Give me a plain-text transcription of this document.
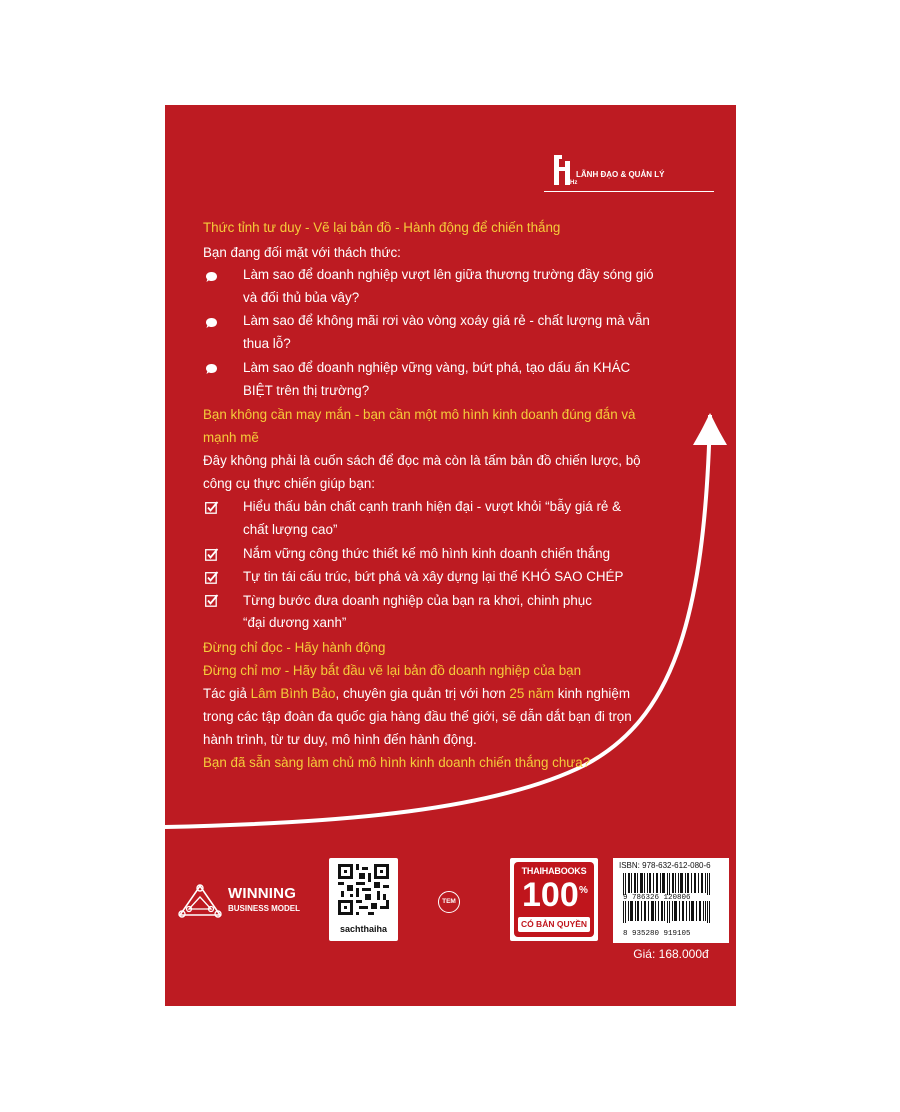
Hz
LÃNH ĐẠO & QUẢN LÝ
Thức tỉnh tư duy - Vẽ lại bản đồ - Hành động để chiến thắng
Bạn đang đối mặt với thách thức:
Làm sao để doanh nghiệp vượt lên giữa thương trường đầy sóng gió
và đối thủ bủa vây?
Làm sao để không mãi rơi vào vòng xoáy giá rẻ - chất lượng mà vẫn
thua lỗ?
Làm sao để doanh nghiệp vững vàng, bứt phá, tạo dấu ấn KHÁC
BIỆT trên thị trường?
Bạn không cần may mắn - bạn cần một mô hình kinh doanh đúng đắn và
mạnh mẽ
Đây không phải là cuốn sách để đọc mà còn là tấm bản đồ chiến lược, bộ
công cụ thực chiến giúp bạn:
Hiểu thấu bản chất cạnh tranh hiện đại - vượt khỏi “bẫy giá rẻ &
chất lượng cao”
Nắm vững công thức thiết kế mô hình kinh doanh chiến thắng
Tự tin tái cấu trúc, bứt phá và xây dựng lại thế KHÓ SAO CHÉP
Từng bước đưa doanh nghiệp của bạn ra khơi, chinh phục
“đại dương xanh”
Đừng chỉ đọc - Hãy hành động
Đừng chỉ mơ - Hãy bắt đầu vẽ lại bản đồ doanh nghiệp của bạn
Tác giả Lâm Bình Bảo, chuyên gia quản trị với hơn 25 năm kinh nghiệm
trong các tập đoàn đa quốc gia hàng đầu thế giới, sẽ dẫn dắt bạn đi trọn
hành trình, từ tư duy, mô hình đến hành động.
Bạn đã sẵn sàng làm chủ mô hình kinh doanh chiến thắng chưa?
WINNING
BUSINESS MODEL
sachthaiha
TEM
THAIHABOOKS
100 %
CÓ BẢN QUYỀN
ISBN: 978-632-612-080-6
9 786326 120806
8 935280 919105
Giá: 168.000đ
